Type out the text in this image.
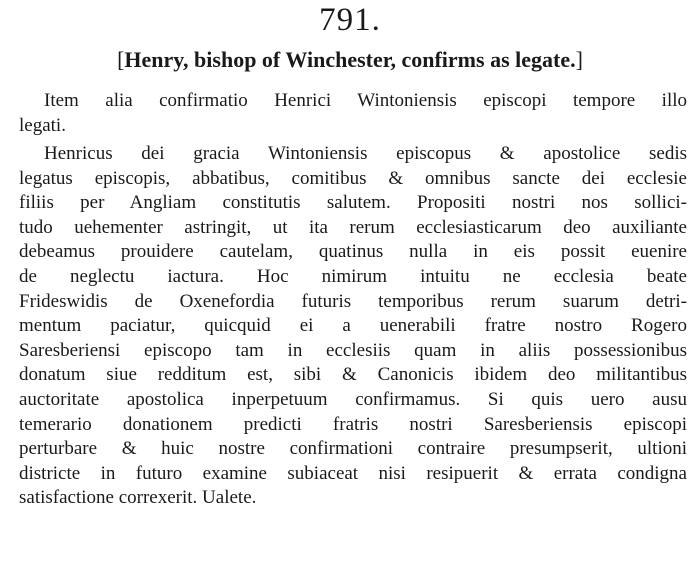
791.
[Henry, bishop of Winchester, confirms as legate.]
Item alia confirmatio Henrici Wintoniensis episcopi tempore illo
legati.
Henricus dei gracia Wintoniensis episcopus & apostolice sedis
legatus episcopis, abbatibus, comitibus & omnibus sancte dei ecclesie
filiis per Angliam constitutis salutem. Propositi nostri nos sollici-
tudo uehementer astringit, ut ita rerum ecclesiasticarum deo auxiliante
debeamus prouidere cautelam, quatinus nulla in eis possit euenire
de neglectu iactura. Hoc nimirum intuitu ne ecclesia beate
Frideswidis de Oxenefordia futuris temporibus rerum suarum detri-
mentum paciatur, quicquid ei a uenerabili fratre nostro Rogero
Saresberiensi episcopo tam in ecclesiis quam in aliis possessionibus
donatum siue redditum est, sibi & Canonicis ibidem deo militantibus
auctoritate apostolica inperpetuum confirmamus. Si quis uero ausu
temerario donationem predicti fratris nostri Saresberiensis episcopi
perturbare & huic nostre confirmationi contraire presumpserit, ultioni
districte in futuro examine subiaceat nisi resipuerit & errata condigna
satisfactione correxerit. Ualete.
